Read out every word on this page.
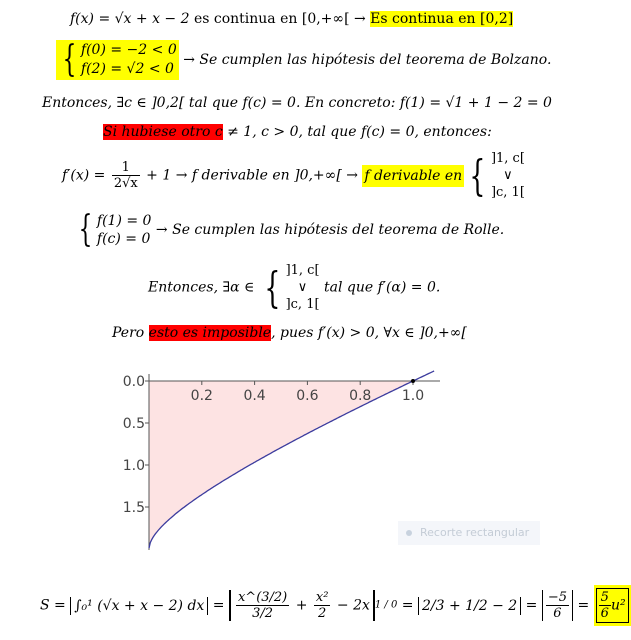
f(x) = √x + x − 2 es continua en [0,+∞[ → Es continua en [0,2]
{ f(0) = −2 < 0
f(2) = √2 < 0
→ Se cumplen las hipótesis del teorema de Bolzano.
Entonces, ∃c ∈ ]0,2[ tal que f(c) = 0. En concreto: f(1) = √1 + 1 − 2 = 0
Si hubiese otro c ≠ 1, c > 0, tal que f(c) = 0, entonces:
$f'(x) = \frac{1}{2√x} + 1 \to f$ derivable en ]0,+∞[ → f derivable en{ ]1, c[
∨
]c, 1[
{ f(1) = 0
f(c) = 0
→ Se cumplen las hipótesis del teorema de Rolle.
Entonces, ∃α ∈ { ]1, c[
∨
]c, 1[
tal que f′(α) = 0.
Pero esto es imposible, pues f′(x) > 0, ∀x ∈ ]0,+∞[
0.2 0.4 0.6 0.8 1.0
0.0
0.5
1.0
1.5
Recorte rectangular
S = ∫₀¹ (√x + x − 2) dx = $\frac{x\^{}(3/2)}{3/2} + \frac{\text{x²}}{2} - 2x$ $1 / 0 = 2/3 + 1/2 - 2 = \frac{-5}{6} = \frac{5}{6} u^2$
